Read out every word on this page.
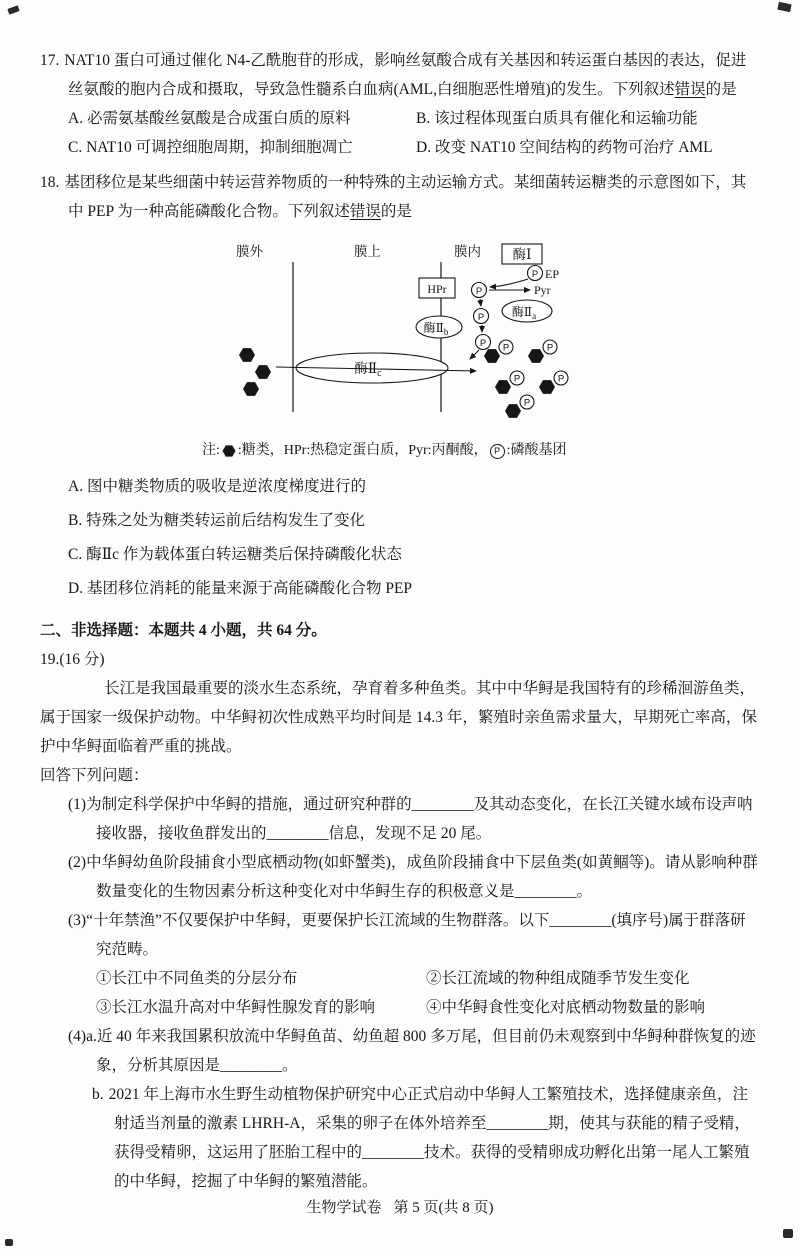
17. NAT10 蛋白可通过催化 N4-乙酰胞苷的形成，影响丝氨酸合成有关基因和转运蛋白基因的表达，促进丝氨酸的胞内合成和摄取，导致急性髓系白血病(AML,白细胞恶性增殖)的发生。下列叙述错误的是

A. 必需氨基酸丝氨酸是合成蛋白质的原料	B. 该过程体现蛋白质具有催化和运输功能
C. NAT10 可调控细胞周期，抑制细胞凋亡	D. 改变 NAT10 空间结构的药物可治疗 AML

18. 基团移位是某些细菌中转运营养物质的一种特殊的主动运输方式。某细菌转运糖类的示意图如下，其中 PEP 为一种高能磷酸化合物。下列叙述错误的是

膜外	膜上	膜内 酶Ⅰ
P EP
HPr	P	Pyr
P 酶$Ⅱ_a$
酶$Ⅱ_b$
P
酶$Ⅱ_c$
P	P
P	P
P
注: :糖类，HPr:热稳定蛋白质，Pyr:丙酮酸， P :磷酸基团

A. 图中糖类物质的吸收是逆浓度梯度进行的

B. 特殊之处为糖类转运前后结构发生了变化

C. 酶Ⅱc 作为载体蛋白转运糖类后保持磷酸化状态

D. 基团移位消耗的能量来源于高能磷酸化合物 PEP

二、非选择题：本题共 4 小题，共 64 分。

19.(16 分)

长江是我国最重要的淡水生态系统，孕育着多种鱼类。其中中华鲟是我国特有的珍稀洄游鱼类，属于国家一级保护动物。中华鲟初次性成熟平均时间是 14.3 年，繁殖时亲鱼需求量大，早期死亡率高，保护中华鲟面临着严重的挑战。

回答下列问题：

(1)为制定科学保护中华鲟的措施，通过研究种群的________及其动态变化，在长江关键水域布设声呐接收器，接收鱼群发出的________信息，发现不足 20 尾。

(2)中华鲟幼鱼阶段捕食小型底栖动物(如虾蟹类)，成鱼阶段捕食中下层鱼类(如黄鲴等)。请从影响种群数量变化的生物因素分析这种变化对中华鲟生存的积极意义是________。

(3)“十年禁渔”不仅要保护中华鲟，更要保护长江流域的生物群落。以下________(填序号)属于群落研究范畴。

①长江中不同鱼类的分层分布	②长江流域的物种组成随季节发生变化
③长江水温升高对中华鲟性腺发育的影响	④中华鲟食性变化对底栖动物数量的影响

(4)a.近 40 年来我国累积放流中华鲟鱼苗、幼鱼超 800 多万尾，但目前仍未观察到中华鲟种群恢复的迹象，分析其原因是________。

b. 2021 年上海市水生野生动植物保护研究中心正式启动中华鲟人工繁殖技术，选择健康亲鱼，注射适当剂量的激素 LHRH-A，采集的卵子在体外培养至________期，使其与获能的精子受精，获得受精卵，这运用了胚胎工程中的________技术。获得的受精卵成功孵化出第一尾人工繁殖的中华鲟，挖掘了中华鲟的繁殖潜能。

生物学试卷 第 5 页(共 8 页)
